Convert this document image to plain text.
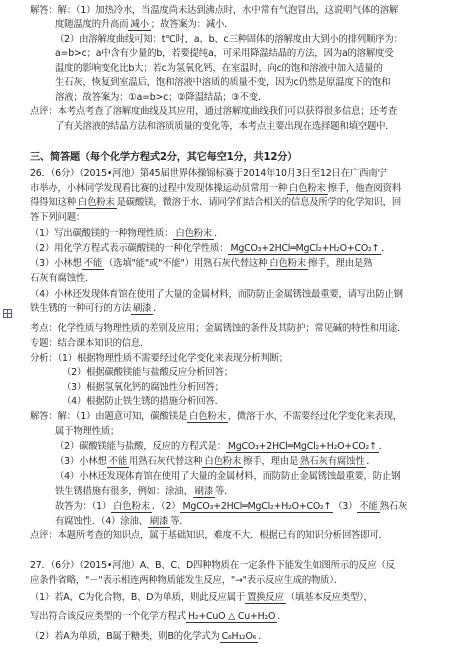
解答：解：（1）加热冷水，当温度尚未达到沸点时，水中常有气泡冒出，这说明气体的溶解
度随温度的升高而 减小 ；故答案为：减小．
（2）由溶解度曲线可知：t℃时，a、b、c三种固体的溶解度由大到小的排列顺序为：
a=b>c；a中含有少量的b，若要提纯a，可采用降温结晶的方法，因为a的溶解度受
温度的影响变化比b大；若c为氢氧化钙，在室温时，向c的饱和溶液中加入适量的
生石灰，恢复到室温后，饱和溶液中溶质的质量不变，因为c仍然是原温度下的饱和
溶液；故答案为：①a=b>c；②降温结晶；③不变．
点评：本考点考查了溶解度曲线及其应用，通过溶解度曲线我们可以获得很多信息；还考查
了有关溶液的结晶方法和溶质质量的变化等，本考点主要出现在选择题和填空题中．
三、简答题（每个化学方程式2分，其它每空1分，共12分）
26．（6分）（2015•河池）第45届世界体操锦标赛于2014年10月3日至12日在广西南宁
市举办，小林同学发现看比赛的过程中发现体操运动员常用一种 白色粉末 擦手，他查阅资料
得得知这种 白色粉末 是碳酸镁，微溶于水．请同学们结合相关的信息及所学的化学知识，回
答下列问题：
（1）写出碳酸镁的一种物理性质： 白色粉末 ．
（2）用化学方程式表示碳酸镁的一种化学性质： MgCO₃+2HCl═MgCl₂+H₂O+CO₂↑ ．
（3）小林想 不能 （选填"能"或"不能"）用熟石灰代替这种 白色粉末 擦手，理由是熟
石灰有腐蚀性．
（4）小林还发现体育馆在使用了大量的金属材料，而防防止金属锈蚀最重要，请写出防止钢
铁生锈的一种可行的方法 刷漆 ．
考点：化学性质与物理性质的差别及应用；金属锈蚀的条件及其防护；常见碱的特性和用途．
专题：结合课本知识的信息．
分析：（1）根据物理性质不需要经过化学变化来表现分析判断；
（2）根据碳酸镁能与盐酸反应分析回答；
（3）根据氢氧化钙的腐蚀性分析回答；
（4）根据防止铁生锈的措施分析回答．
解答：解：（1）由题意可知，碳酸镁是 白色粉末 ，微溶于水，不需要经过化学变化来表现，
属于物理性质；
（2）碳酸镁能与盐酸，反应的方程式是： MgCO₃+2HCl═MgCl₂+H₂O+CO₂↑ ．
（3）小林想 不能 用熟石灰代替这种 白色粉末 擦手，理由是 熟石灰有腐蚀性 ．
（4）小林还发现体育馆在使用了大量的金属材料，而防防止金属锈蚀最重要，防止钢
铁生锈措施有很多，例如：涂油、 刷漆 等．
故答为：（1） 白色粉末 ．（2） MgCO₃+2HCl═MgCl₂+H₂O+CO₂↑ （3） 不能 熟石灰
有腐蚀性．（4）涂油、 刷漆 等．
点评：本题所考查的知识点，属于基础知识，难度不大．根据已有的知识分析回答即可．
27．（6分）（2015•河池）A、B、C、D四种物质在一定条件下能发生如图所示的反应（反
应条件省略，"－"表示相连两种物质能发生反应，"→"表示反应生成的物质）．
（1）若A、C为化合物，B、D为单质，则此反应属于 置换反应 （填基本反应类型），
写出符合该反应类型的一个化学方程式 H₂+CuO △ Cu+H₂O ．
（2）若A为单质，B属于糖类，则B的化学式为 C₆H₁₂O₆ ．
